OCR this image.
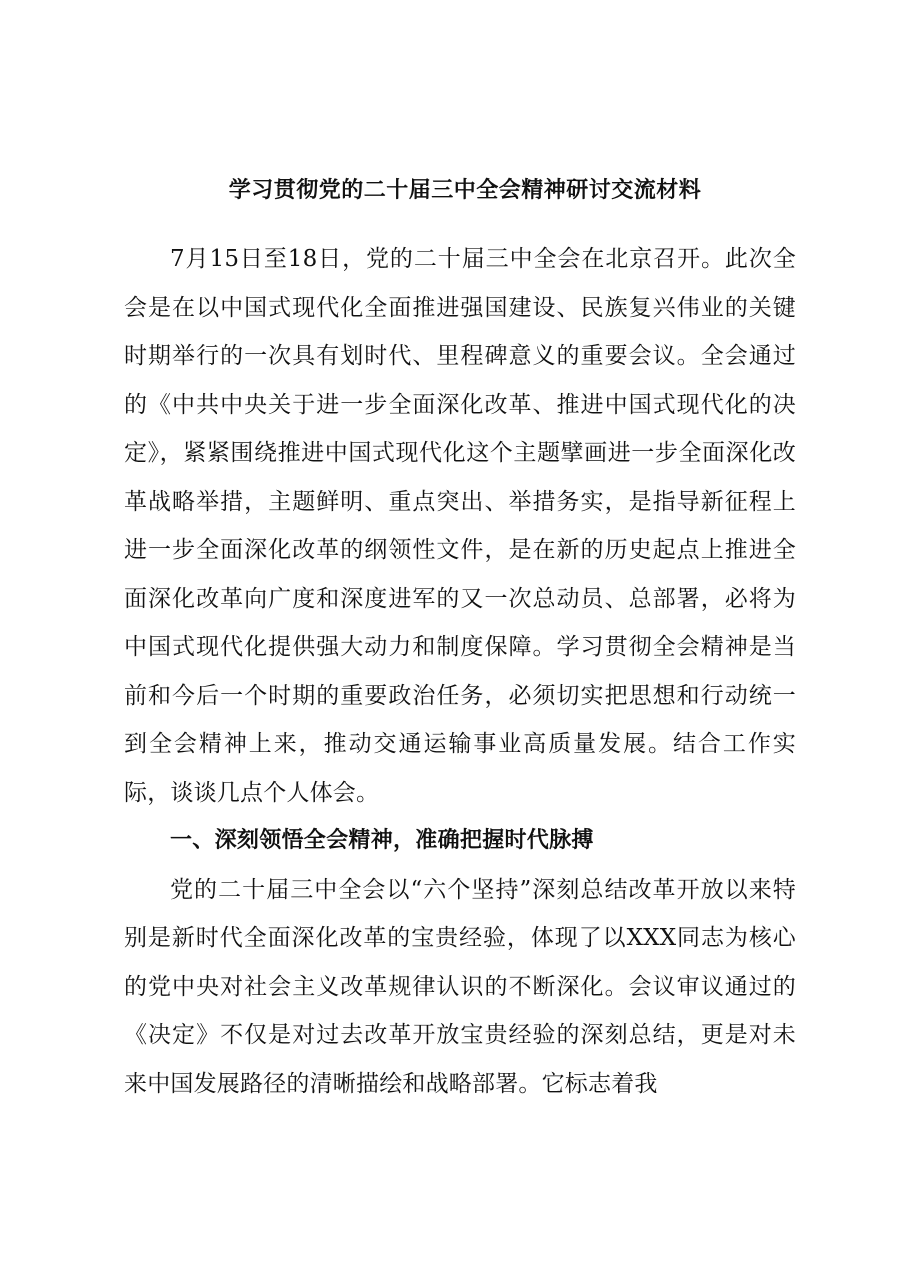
学习贯彻党的二十届三中全会精神研讨交流材料

7月15日至18日，党的二十届三中全会在北京召开。此次全会是在以中国式现代化全面推进强国建设、民族复兴伟业的关键时期举行的一次具有划时代、里程碑意义的重要会议。全会通过的《中共中央关于进一步全面深化改革、推进中国式现代化的决定》，紧紧围绕推进中国式现代化这个主题擘画进一步全面深化改革战略举措，主题鲜明、重点突出、举措务实，是指导新征程上进一步全面深化改革的纲领性文件，是在新的历史起点上推进全面深化改革向广度和深度进军的又一次总动员、总部署，必将为中国式现代化提供强大动力和制度保障。学习贯彻全会精神是当前和今后一个时期的重要政治任务，必须切实把思想和行动统一到全会精神上来，推动交通运输事业高质量发展。结合工作实际，谈谈几点个人体会。

一、深刻领悟全会精神，准确把握时代脉搏

党的二十届三中全会以“六个坚持”深刻总结改革开放以来特别是新时代全面深化改革的宝贵经验，体现了以XXX同志为核心的党中央对社会主义改革规律认识的不断深化。会议审议通过的《决定》不仅是对过去改革开放宝贵经验的深刻总结，更是对未来中国发展路径的清晰描绘和战略部署。它标志着我
